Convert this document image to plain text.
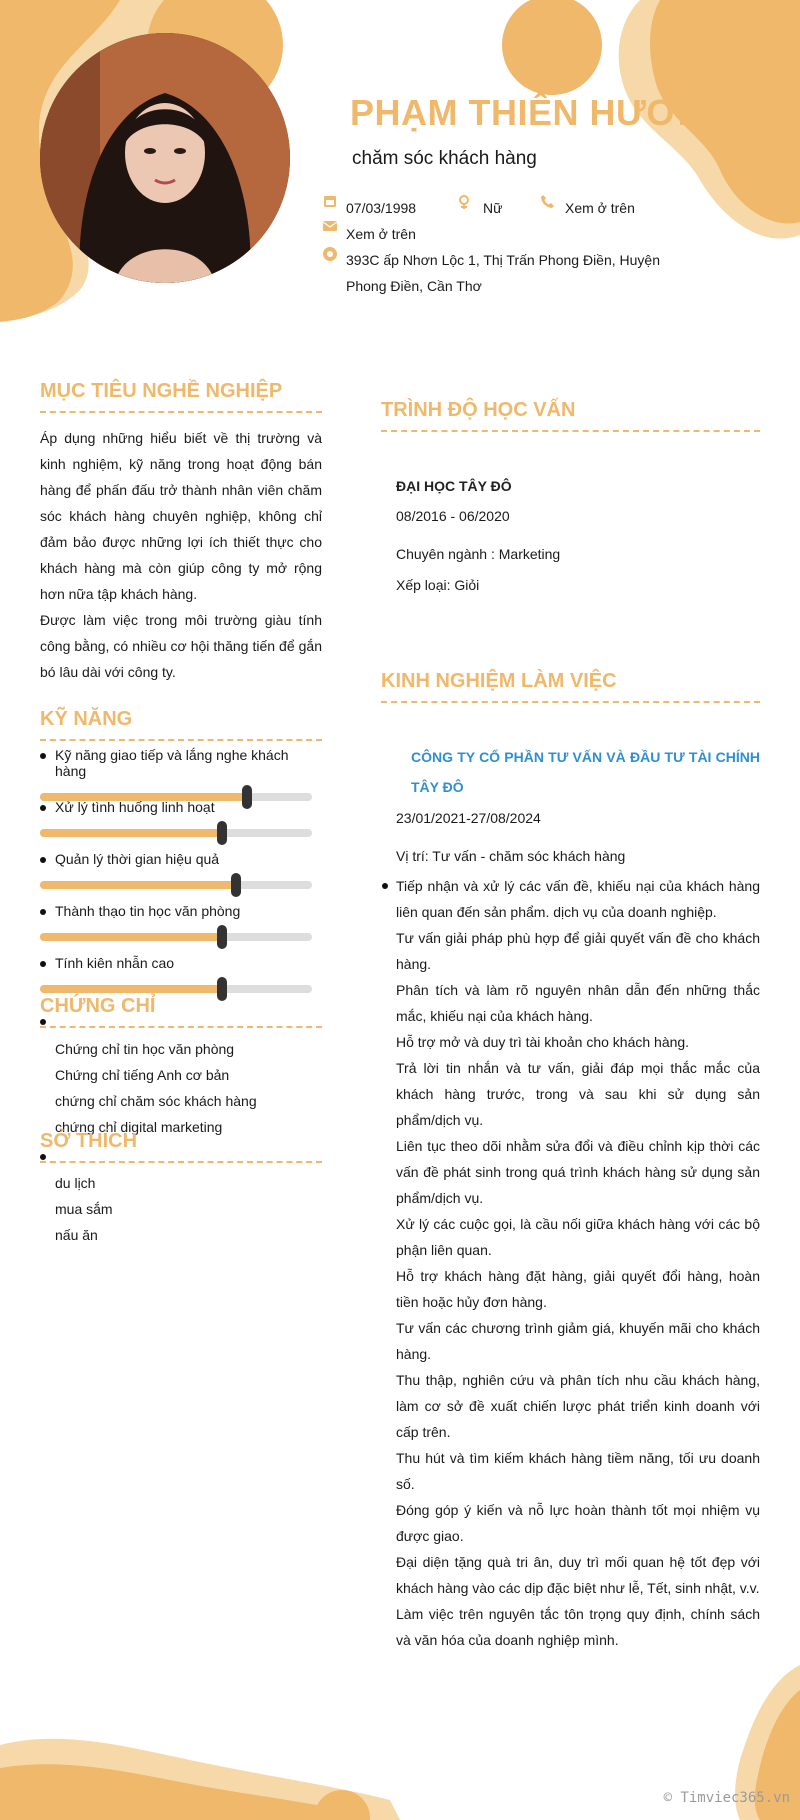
PHẠM THIÊN HƯƠNG
chăm sóc khách hàng
07/03/1998	Nữ	Xem ở trên
Xem ở trên
393C ấp Nhơn Lộc 1, Thị Trấn Phong Điền, Huyện
Phong Điền, Cần Thơ
MỤC TIÊU NGHỀ NGHIỆP
Áp dụng những hiểu biết về thị trường và kinh nghiệm, kỹ năng trong hoạt động bán hàng để phấn đấu trở thành nhân viên chăm sóc khách hàng chuyên nghiệp, không chỉ đảm bảo được những lợi ích thiết thực cho khách hàng mà còn giúp công ty mở rộng hơn nữa tập khách hàng.
Được làm việc trong môi trường giàu tính công bằng, có nhiều cơ hội thăng tiến để gắn bó lâu dài với công ty.
KỸ NĂNG
Kỹ năng giao tiếp và lắng nghe khách hàng
Xử lý tình huống linh hoạt
Quản lý thời gian hiệu quả
Thành thạo tin học văn phòng
Tính kiên nhẫn cao
CHỨNG CHỈ
Chứng chỉ tin học văn phòng
Chứng chỉ tiếng Anh cơ bản
chứng chỉ chăm sóc khách hàng
chứng chỉ digital marketing
SỞ THÍCH
du lịch
mua sắm
nấu ăn
TRÌNH ĐỘ HỌC VẤN
ĐẠI HỌC TÂY ĐÔ
08/2016 - 06/2020
Chuyên ngành : Marketing
Xếp loại: Giỏi
KINH NGHIỆM LÀM VIỆC
CÔNG TY CỔ PHẦN TƯ VẤN VÀ ĐẦU TƯ TÀI CHÍNH TÂY ĐÔ
23/01/2021-27/08/2024
Vị trí: Tư vấn - chăm sóc khách hàng
Tiếp nhận và xử lý các vấn đề, khiếu nại của khách hàng liên quan đến sản phẩm. dịch vụ của doanh nghiệp.
Tư vấn giải pháp phù hợp để giải quyết vấn đề cho khách hàng.
Phân tích và làm rõ nguyên nhân dẫn đến những thắc mắc, khiếu nại của khách hàng.
Hỗ trợ mở và duy trì tài khoản cho khách hàng.
Trả lời tin nhắn và tư vấn, giải đáp mọi thắc mắc của khách hàng trước, trong và sau khi sử dụng sản phẩm/dịch vụ.
Liên tục theo dõi nhằm sửa đổi và điều chỉnh kịp thời các vấn đề phát sinh trong quá trình khách hàng sử dụng sản phẩm/dịch vụ.
Xử lý các cuộc gọi, là cầu nối giữa khách hàng với các bộ phận liên quan.
Hỗ trợ khách hàng đặt hàng, giải quyết đổi hàng, hoàn tiền hoặc hủy đơn hàng.
Tư vấn các chương trình giảm giá, khuyến mãi cho khách hàng.
Thu thập, nghiên cứu và phân tích nhu cầu khách hàng, làm cơ sở đề xuất chiến lược phát triển kinh doanh với cấp trên.
Thu hút và tìm kiếm khách hàng tiềm năng, tối ưu doanh số.
Đóng góp ý kiến và nỗ lực hoàn thành tốt mọi nhiệm vụ được giao.
Đại diện tặng quà tri ân, duy trì mối quan hệ tốt đẹp với khách hàng vào các dịp đặc biệt như lễ, Tết, sinh nhật, v.v.
Làm việc trên nguyên tắc tôn trọng quy định, chính sách và văn hóa của doanh nghiệp mình.
© Timviec365.vn
